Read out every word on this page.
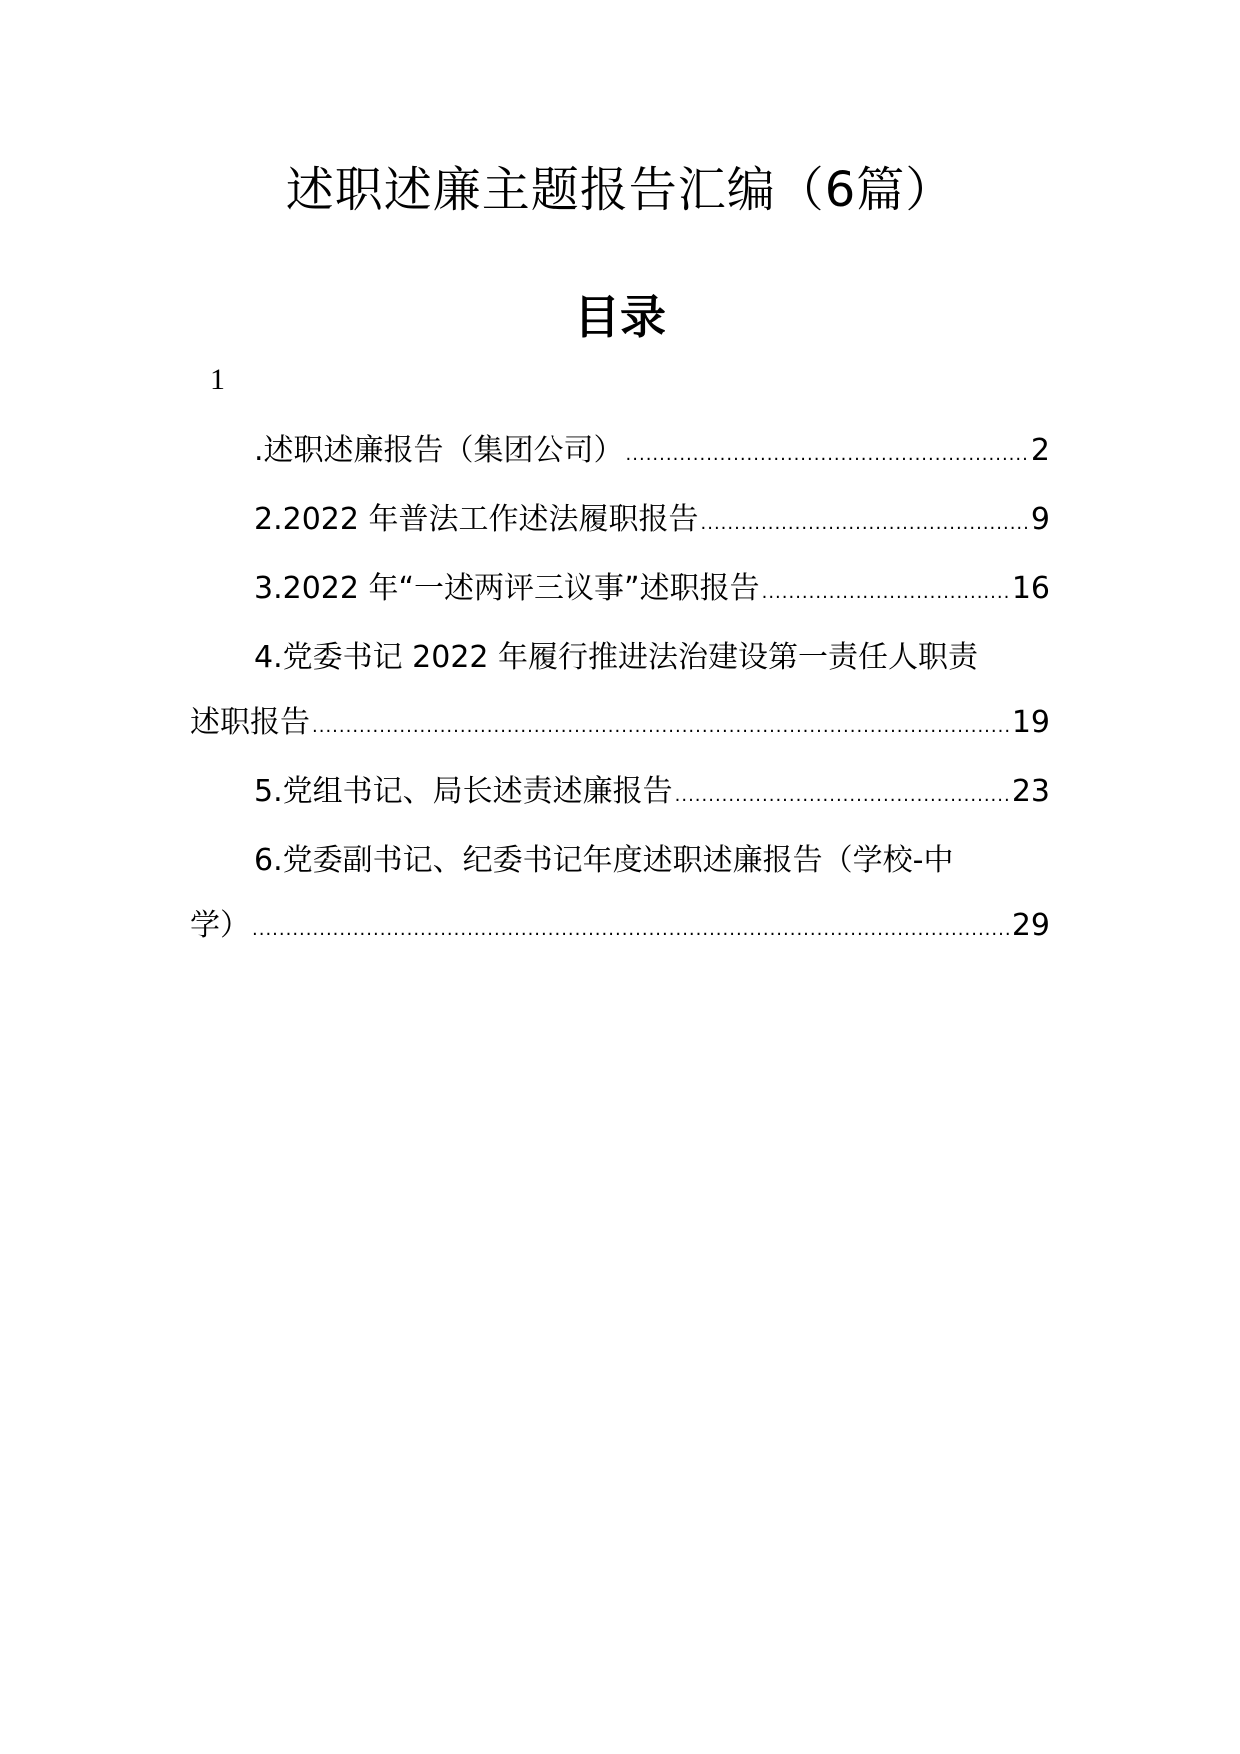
述职述廉主题报告汇编（6篇）
目录
1
.述职述廉报告（集团公司） .....	2
2.2022 年普法工作述法履职报告 .....	9
3.2022 年“一述两评三议事”述职报告 .....	16
4.党委书记 2022 年履行推进法治建设第一责任人职责
述职报告 .....	19
5.党组书记、局长述责述廉报告 .....	23
6.党委副书记、纪委书记年度述职述廉报告（学校-中
学） .....	29
